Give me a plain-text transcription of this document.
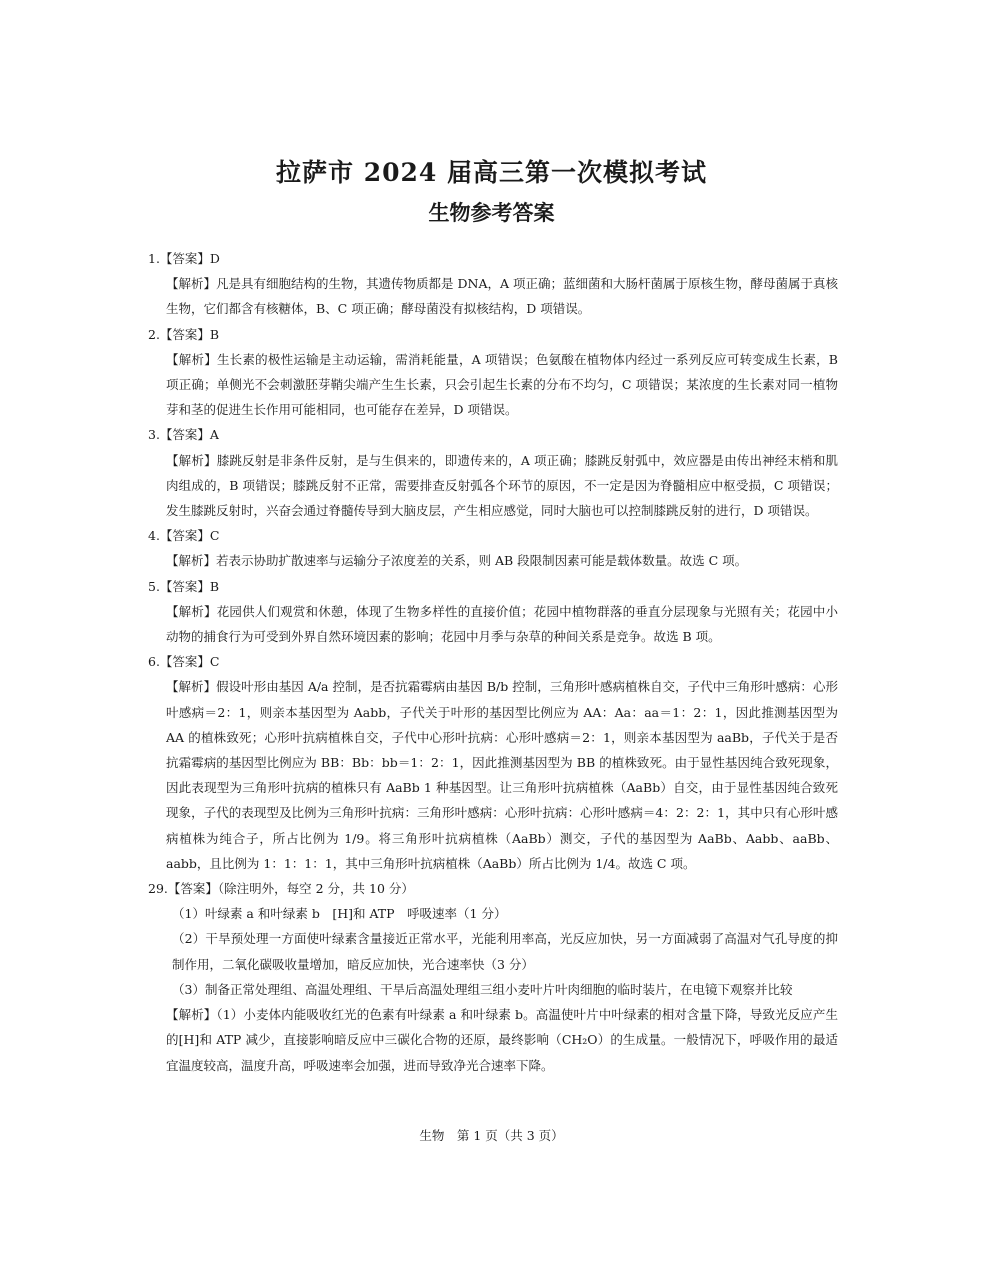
拉萨市 2024 届高三第一次模拟考试
生物参考答案
1.【答案】D
【解析】凡是具有细胞结构的生物，其遗传物质都是 DNA，A 项正确；蓝细菌和大肠杆菌属于原核生物，酵母菌属于真核生物，它们都含有核糖体，B、C 项正确；酵母菌没有拟核结构，D 项错误。
2.【答案】B
【解析】生长素的极性运输是主动运输，需消耗能量，A 项错误；色氨酸在植物体内经过一系列反应可转变成生长素，B 项正确；单侧光不会刺激胚芽鞘尖端产生生长素，只会引起生长素的分布不均匀，C 项错误；某浓度的生长素对同一植物芽和茎的促进生长作用可能相同，也可能存在差异，D 项错误。
3.【答案】A
【解析】膝跳反射是非条件反射，是与生俱来的，即遗传来的，A 项正确；膝跳反射弧中，效应器是由传出神经末梢和肌肉组成的，B 项错误；膝跳反射不正常，需要排查反射弧各个环节的原因，不一定是因为脊髓相应中枢受损，C 项错误；发生膝跳反射时，兴奋会通过脊髓传导到大脑皮层，产生相应感觉，同时大脑也可以控制膝跳反射的进行，D 项错误。
4.【答案】C
【解析】若表示协助扩散速率与运输分子浓度差的关系，则 AB 段限制因素可能是载体数量。故选 C 项。
5.【答案】B
【解析】花园供人们观赏和休憩，体现了生物多样性的直接价值；花园中植物群落的垂直分层现象与光照有关；花园中小动物的捕食行为可受到外界自然环境因素的影响；花园中月季与杂草的种间关系是竞争。故选 B 项。
6.【答案】C
【解析】假设叶形由基因 A/a 控制，是否抗霜霉病由基因 B/b 控制，三角形叶感病植株自交，子代中三角形叶感病：心形叶感病＝2：1，则亲本基因型为 Aabb，子代关于叶形的基因型比例应为 AA：Aa：aa＝1：2：1，因此推测基因型为 AA 的植株致死；心形叶抗病植株自交，子代中心形叶抗病：心形叶感病＝2：1，则亲本基因型为 aaBb，子代关于是否抗霜霉病的基因型比例应为 BB：Bb：bb＝1：2：1，因此推测基因型为 BB 的植株致死。由于显性基因纯合致死现象，因此表现型为三角形叶抗病的植株只有 AaBb 1 种基因型。让三角形叶抗病植株（AaBb）自交，由于显性基因纯合致死现象，子代的表现型及比例为三角形叶抗病：三角形叶感病：心形叶抗病：心形叶感病＝4：2：2：1，其中只有心形叶感病植株为纯合子，所占比例为 1/9。将三角形叶抗病植株（AaBb）测交，子代的基因型为 AaBb、Aabb、aaBb、aabb，且比例为 1：1：1：1，其中三角形叶抗病植株（AaBb）所占比例为 1/4。故选 C 项。
29.【答案】（除注明外，每空 2 分，共 10 分）
（1）叶绿素 a 和叶绿素 b　[H]和 ATP　呼吸速率（1 分）
（2）干旱预处理一方面使叶绿素含量接近正常水平，光能利用率高，光反应加快，另一方面减弱了高温对气孔导度的抑制作用，二氧化碳吸收量增加，暗反应加快，光合速率快（3 分）
（3）制备正常处理组、高温处理组、干旱后高温处理组三组小麦叶片叶肉细胞的临时装片，在电镜下观察并比较
【解析】（1）小麦体内能吸收红光的色素有叶绿素 a 和叶绿素 b。高温使叶片中叶绿素的相对含量下降，导致光反应产生的[H]和 ATP 减少，直接影响暗反应中三碳化合物的还原，最终影响（CH₂O）的生成量。一般情况下，呼吸作用的最适宜温度较高，温度升高，呼吸速率会加强，进而导致净光合速率下降。
生物　第 1 页（共 3 页）
